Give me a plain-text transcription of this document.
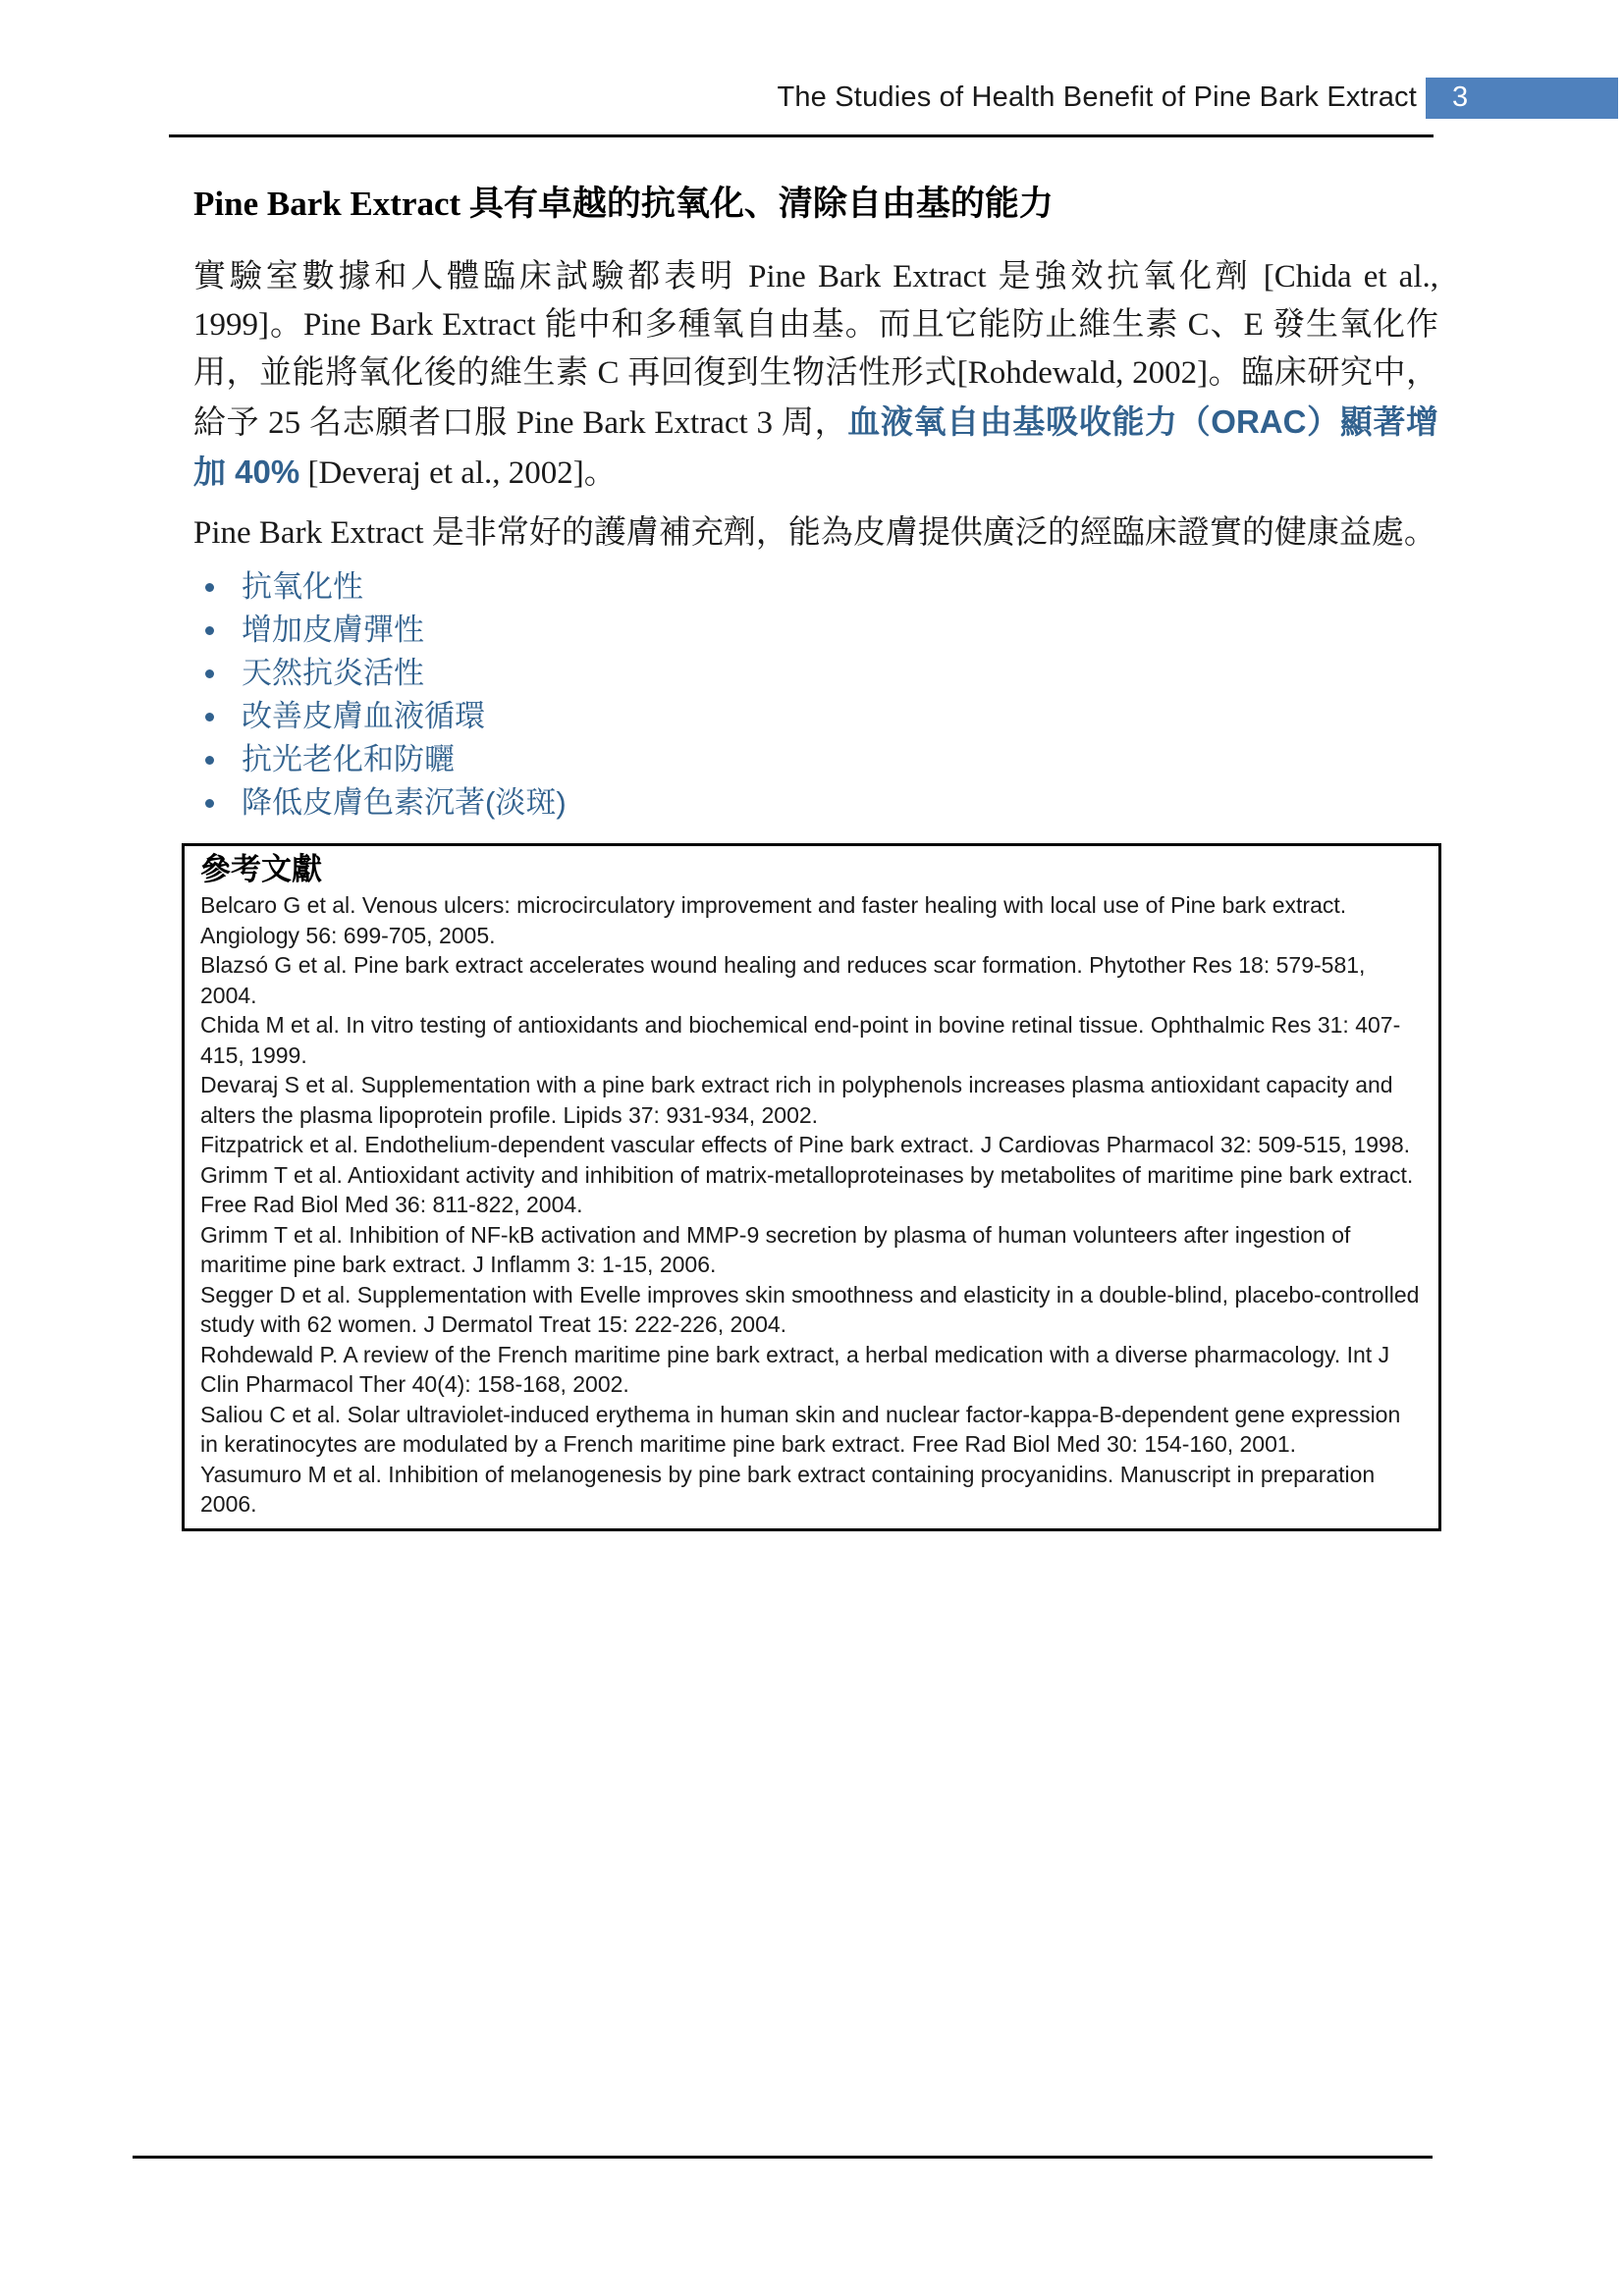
The Studies of Health Benefit of Pine Bark Extract	3
Pine Bark Extract 具有卓越的抗氧化、清除自由基的能力

實驗室數據和人體臨床試驗都表明 Pine Bark Extract 是強效抗氧化劑 [Chida et al., 1999]。Pine Bark Extract 能中和多種氧自由基。而且它能防止維生素 C、E 發生氧化作用，並能將氧化後的維生素 C 再回復到生物活性形式[Rohdewald, 2002]。臨床研究中，給予 25 名志願者口服 Pine Bark Extract 3 周，血液氧自由基吸收能力（ORAC）顯著增加 40% [Deveraj et al., 2002]。

Pine Bark Extract 是非常好的護膚補充劑，能為皮膚提供廣泛的經臨床證實的健康益處。

抗氧化性
增加皮膚彈性
天然抗炎活性
改善皮膚血液循環
抗光老化和防曬
降低皮膚色素沉著(淡斑)
參考文獻
Belcaro G et al. Venous ulcers: microcirculatory improvement and faster healing with local use of Pine bark extract. Angiology 56: 699-705, 2005.
Blazsó G et al. Pine bark extract accelerates wound healing and reduces scar formation. Phytother Res 18: 579-581, 2004.
Chida M et al. In vitro testing of antioxidants and biochemical end-point in bovine retinal tissue. Ophthalmic Res 31: 407-415, 1999.
Devaraj S et al. Supplementation with a pine bark extract rich in polyphenols increases plasma antioxidant capacity and alters the plasma lipoprotein profile. Lipids 37: 931-934, 2002.
Fitzpatrick et al. Endothelium-dependent vascular effects of Pine bark extract. J Cardiovas Pharmacol 32: 509-515, 1998.
Grimm T et al. Antioxidant activity and inhibition of matrix-metalloproteinases by metabolites of maritime pine bark extract. Free Rad Biol Med 36: 811-822, 2004.
Grimm T et al. Inhibition of NF-kB activation and MMP-9 secretion by plasma of human volunteers after ingestion of maritime pine bark extract. J Inflamm 3: 1-15, 2006.
Segger D et al. Supplementation with Evelle improves skin smoothness and elasticity in a double-blind, placebo-controlled study with 62 women. J Dermatol Treat 15: 222-226, 2004.
Rohdewald P. A review of the French maritime pine bark extract, a herbal medication with a diverse pharmacology. Int J Clin Pharmacol Ther 40(4): 158-168, 2002.
Saliou C et al. Solar ultraviolet-induced erythema in human skin and nuclear factor-kappa-B-dependent gene expression in keratinocytes are modulated by a French maritime pine bark extract. Free Rad Biol Med 30: 154-160, 2001.
Yasumuro M et al. Inhibition of melanogenesis by pine bark extract containing procyanidins. Manuscript in preparation 2006.
